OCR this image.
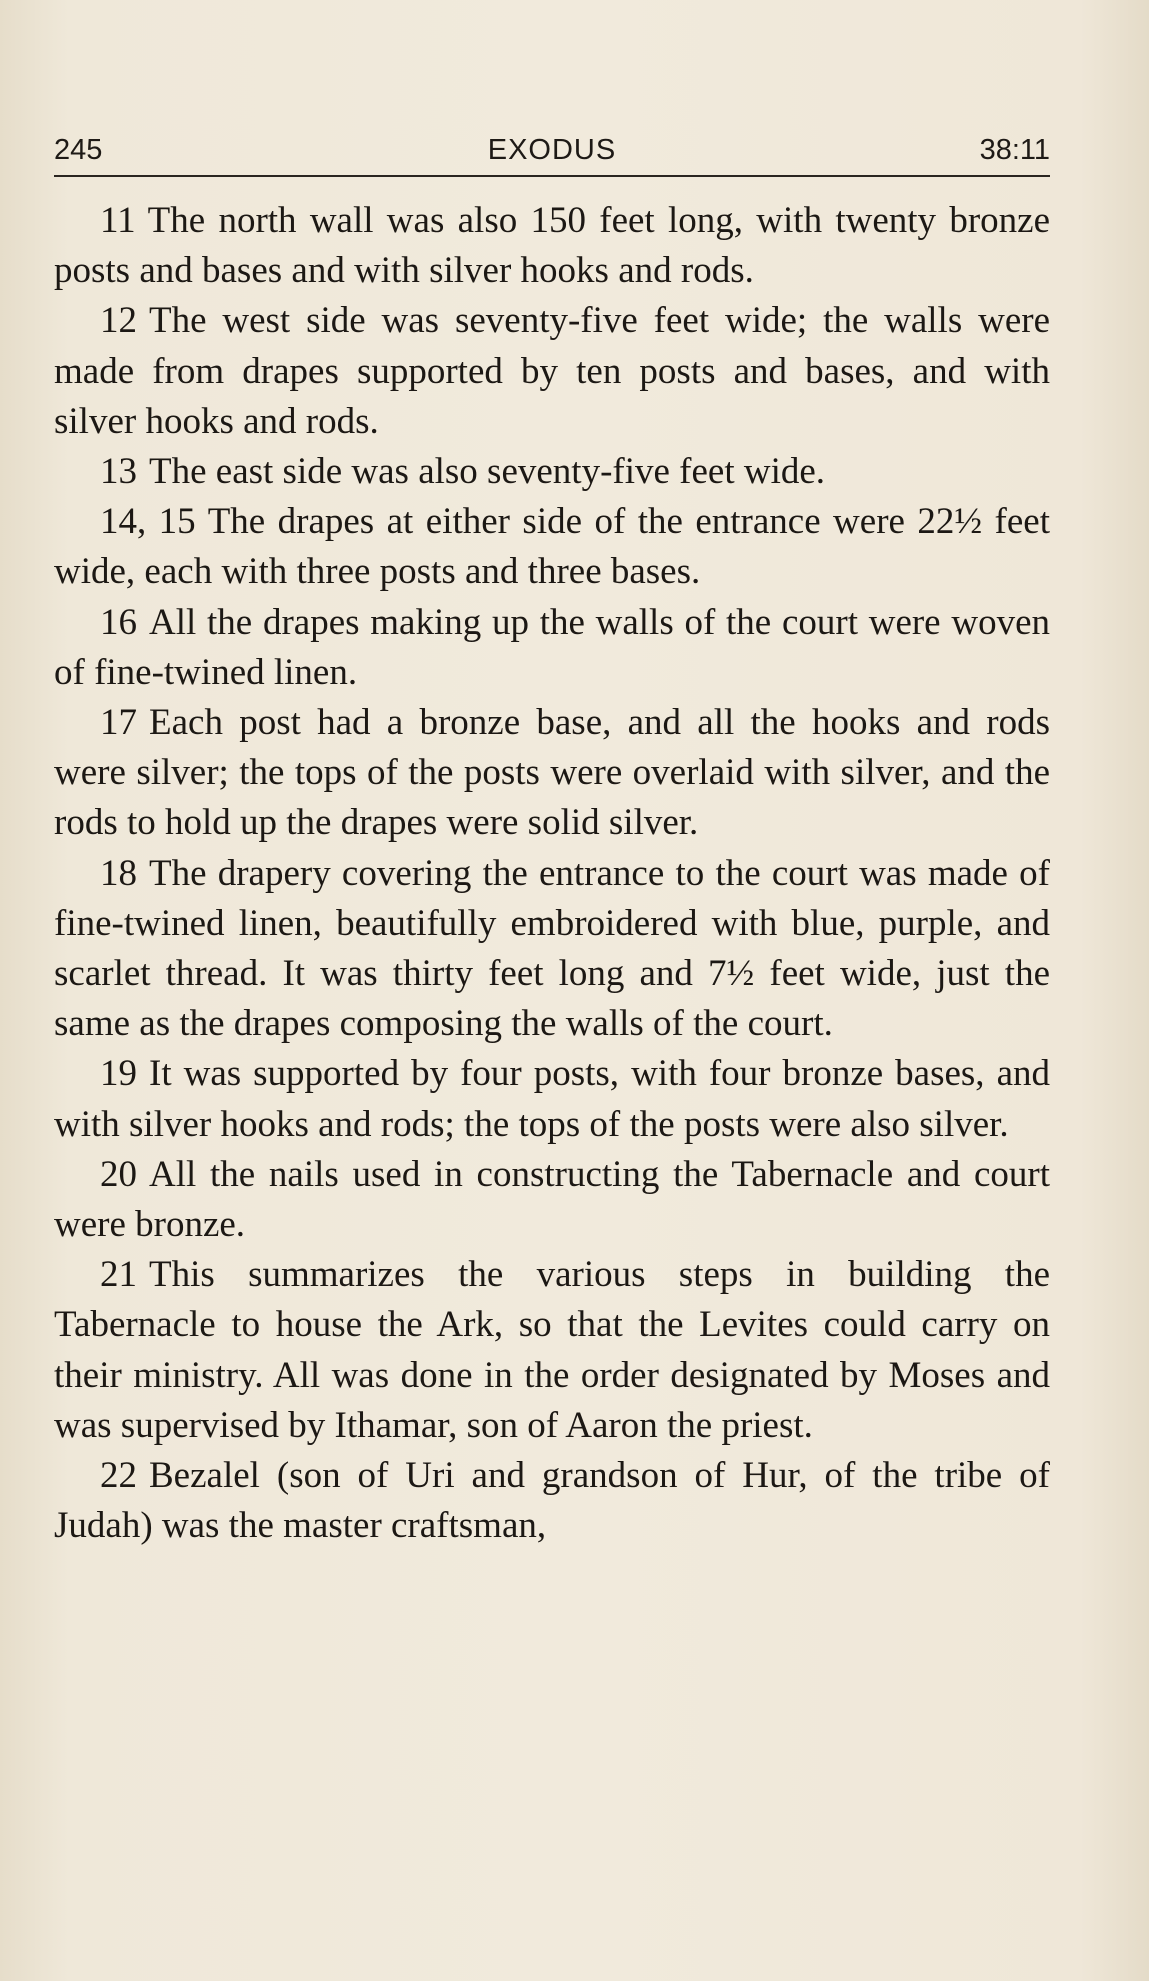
245	EXODUS	38:11

11 The north wall was also 150 feet long, with twenty bronze posts and bases and with silver hooks and rods.

12 The west side was seventy-five feet wide; the walls were made from drapes supported by ten posts and bases, and with silver hooks and rods.

13 The east side was also seventy-five feet wide.

14, 15 The drapes at either side of the entrance were 22½ feet wide, each with three posts and three bases.

16 All the drapes making up the walls of the court were woven of fine-twined linen.

17 Each post had a bronze base, and all the hooks and rods were silver; the tops of the posts were overlaid with silver, and the rods to hold up the drapes were solid silver.

18 The drapery covering the entrance to the court was made of fine-twined linen, beautifully embroidered with blue, purple, and scarlet thread. It was thirty feet long and 7½ feet wide, just the same as the drapes composing the walls of the court.

19 It was supported by four posts, with four bronze bases, and with silver hooks and rods; the tops of the posts were also silver.

20 All the nails used in constructing the Tabernacle and court were bronze.

21 This summarizes the various steps in building the Tabernacle to house the Ark, so that the Levites could carry on their ministry. All was done in the order designated by Moses and was supervised by Ithamar, son of Aaron the priest.

22 Bezalel (son of Uri and grandson of Hur, of the tribe of Judah) was the master craftsman,
